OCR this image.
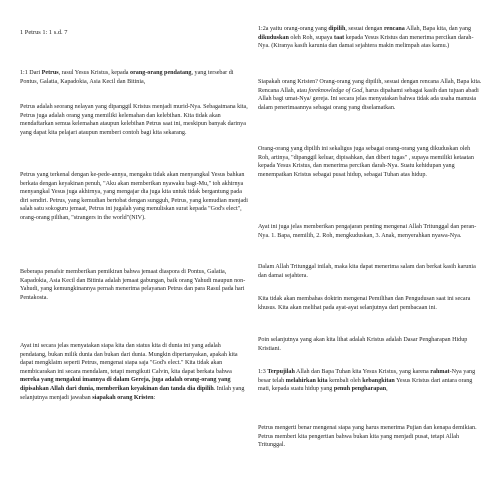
1 Petrus 1: 1 s.d. 7

1:1 Dari Petrus, rasul Yesus Kristus, kepada orang-orang pendatang, yang tersebar di Pontus, Galatia, Kapadokia, Asia Kecil dan Bitinia,

Petrus adalah seorang nelayan yang dipanggil Kristus menjadi murid-Nya. Sebagaimana kita, Petrus juga adalah orang yang memiliki kelemahan dan kelebihan. Kita tidak akan mendaftarkan semua kelemahan ataupun kelebihan Petrus saat ini, meskipun banyak darinya yang dapat kita pelajari ataupun memberi contoh bagi kita sekarang.

Petrus yang terkenal dengan ke-pede-annya, mengaku tidak akan menyangkal Yesus bahkan berkata dengan keyakinan penuh, "Aku akan memberikan nyawaku bagi-Mu," toh akhirnya menyangkal Yesus juga akhirnya, yang mengajar dia juga kita untuk tidak bergantung pada diri sendiri. Petrus, yang kemudian bertobat dengan sungguh, Petrus, yang kemudian menjadi salah satu sokoguru jemaat, Petrus ini jugalah yang menuliskan surat kepada "God's elect", orang-orang pilihan, "strangers in the world"(NIV).

Beberapa penafsir memberikan pemikiran bahwa jemaat diaspora di Pontus, Galatia, Kapadokia, Asia Kecil dan Bitinia adalah jemaat gabungan, baik orang Yahudi maupun non-Yahudi, yang kemungkinannya pernah menerima pelayanan Petrus dan para Rasul pada hari Pentakosta.

Ayat ini secara jelas menyatakan siapa kita dan status kita di dunia ini yang adalah pendatang, bukan milik dunia dan bukan dari dunia. Mungkin dipertanyakan, apakah kita dapat mengklaim seperti Petrus, mengenai siapa saja "God's elect." Kita tidak akan membicarakan ini secara mendalam, tetapi mengikuti Calvin, kita dapat berkata bahwa mereka yang mengakui imannya di dalam Gereja, juga adalah orang-orang yang dipisahkan Allah dari dunia, memberikan keyakinan dan tanda dia dipilih. Inilah yang selanjutnya menjadi jawaban siapakah orang Kristen:

1:2a yaitu orang-orang yang dipilih, sesuai dengan rencana Allah, Bapa kita, dan yang dikuduskan oleh Roh, supaya taat kepada Yesus Kristus dan menerima percikan darah-Nya. (Kiranya kasih karunia dan damai sejahtera makin melimpah atas kamu.)

Siapakah orang Kristen? Orang-orang yang dipilih, sesuai dengan rencana Allah, Bapa kita. Rencana Allah, atau foreknowledge of God, harus dipahami sebagai kasih dan tujuan abadi Allah bagi umat-Nya/ gereja. Ini secara jelas menyatakan bahwa tidak ada usaha manusia dalam penerimaannya sebagai orang yang diselamatkan.

Orang-orang yang dipilih ini sekaligus juga sebagai orang-orang yang dikuduskan oleh Roh, artinya, "dipanggil keluar, dipisahkan, dan diberi tugas" , supaya memiliki ketaatan kepada Yesus Kristus, dan menerima percikan darah-Nya. Suatu kehidupan yang menempatkan Kristus sebagai pusat hidup, sebagai Tuhan atas hidup.

Ayat ini juga jelas memberikan pengajaran penting mengenai Allah Tritunggal dan peran-Nya. 1. Bapa, memilih, 2. Roh, mengkuduskan, 3. Anak, menyerahkan nyawa-Nya.

Dalam Allah Tritunggal inilah, maka kita dapat menerima salam dan berkat kasih karunia dan damai sejahtera.

Kita tidak akan membahas doktrin mengenai Pemilihan dan Pengudusan saat ini secara khusus. Kita akan melihat pada ayat-ayat selanjutnya dari pembacaan ini.

Poin selanjutnya yang akan kita lihat adalah Kristus adalah Dasar Pengharapan Hidup Kristiani.

1:3 Terpujilah Allah dan Bapa Tuhan kita Yesus Kristus, yang karena rahmat-Nya yang besar telah melahirkan kita kembali oleh kebangkitan Yesus Kristus dari antara orang mati, kepada suatu hidup yang penuh pengharapan,

Petrus mengerti benar mengenai siapa yang harus menerima Pujian dan kenapa demikian. Petrus memberi kita pengertian bahwa bukan kita yang menjadi pusat, tetapi Allah Tritunggal.
